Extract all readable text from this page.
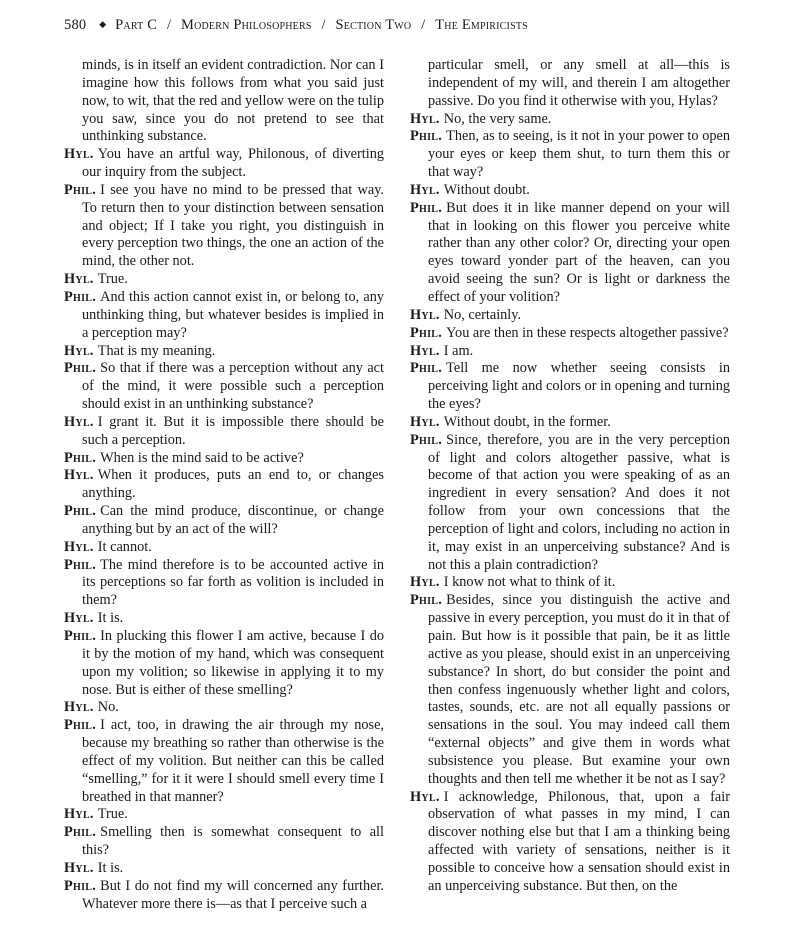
580 ◆ Part C / Modern Philosophers / Section Two / The Empiricists

minds, is in itself an evident contradiction. Nor can I imagine how this follows from what you said just now, to wit, that the red and yellow were on the tulip you saw, since you do not pretend to see that unthinking substance.

Hyl. You have an artful way, Philonous, of diverting our inquiry from the subject.

Phil. I see you have no mind to be pressed that way. To return then to your distinction between sensation and object; If I take you right, you distinguish in every perception two things, the one an action of the mind, the other not.

Hyl. True.

Phil. And this action cannot exist in, or belong to, any unthinking thing, but whatever besides is implied in a perception may?

Hyl. That is my meaning.

Phil. So that if there was a perception without any act of the mind, it were possible such a perception should exist in an unthinking substance?

Hyl. I grant it. But it is impossible there should be such a perception.

Phil. When is the mind said to be active?

Hyl. When it produces, puts an end to, or changes anything.

Phil. Can the mind produce, discontinue, or change anything but by an act of the will?

Hyl. It cannot.

Phil. The mind therefore is to be accounted active in its perceptions so far forth as volition is included in them?

Hyl. It is.

Phil. In plucking this flower I am active, because I do it by the motion of my hand, which was consequent upon my volition; so likewise in applying it to my nose. But is either of these smelling?

Hyl. No.

Phil. I act, too, in drawing the air through my nose, because my breathing so rather than otherwise is the effect of my volition. But neither can this be called “smelling,” for it it were I should smell every time I breathed in that manner?

Hyl. True.

Phil. Smelling then is somewhat consequent to all this?

Hyl. It is.

Phil. But I do not find my will concerned any further. Whatever more there is—as that I perceive such a

particular smell, or any smell at all—this is independent of my will, and therein I am altogether passive. Do you find it otherwise with you, Hylas?

Hyl. No, the very same.

Phil. Then, as to seeing, is it not in your power to open your eyes or keep them shut, to turn them this or that way?

Hyl. Without doubt.

Phil. But does it in like manner depend on your will that in looking on this flower you perceive white rather than any other color? Or, directing your open eyes toward yonder part of the heaven, can you avoid seeing the sun? Or is light or darkness the effect of your volition?

Hyl. No, certainly.

Phil. You are then in these respects altogether passive?

Hyl. I am.

Phil. Tell me now whether seeing consists in perceiving light and colors or in opening and turning the eyes?

Hyl. Without doubt, in the former.

Phil. Since, therefore, you are in the very perception of light and colors altogether passive, what is become of that action you were speaking of as an ingredient in every sensation? And does it not follow from your own concessions that the perception of light and colors, including no action in it, may exist in an unperceiving substance? And is not this a plain contradiction?

Hyl. I know not what to think of it.

Phil. Besides, since you distinguish the active and passive in every perception, you must do it in that of pain. But how is it possible that pain, be it as little active as you please, should exist in an unperceiving substance? In short, do but consider the point and then confess ingenuously whether light and colors, tastes, sounds, etc. are not all equally passions or sensations in the soul. You may indeed call them “external objects” and give them in words what subsistence you please. But examine your own thoughts and then tell me whether it be not as I say?

Hyl. I acknowledge, Philonous, that, upon a fair observation of what passes in my mind, I can discover nothing else but that I am a thinking being affected with variety of sensations, neither is it possible to conceive how a sensation should exist in an unperceiving substance. But then, on the
